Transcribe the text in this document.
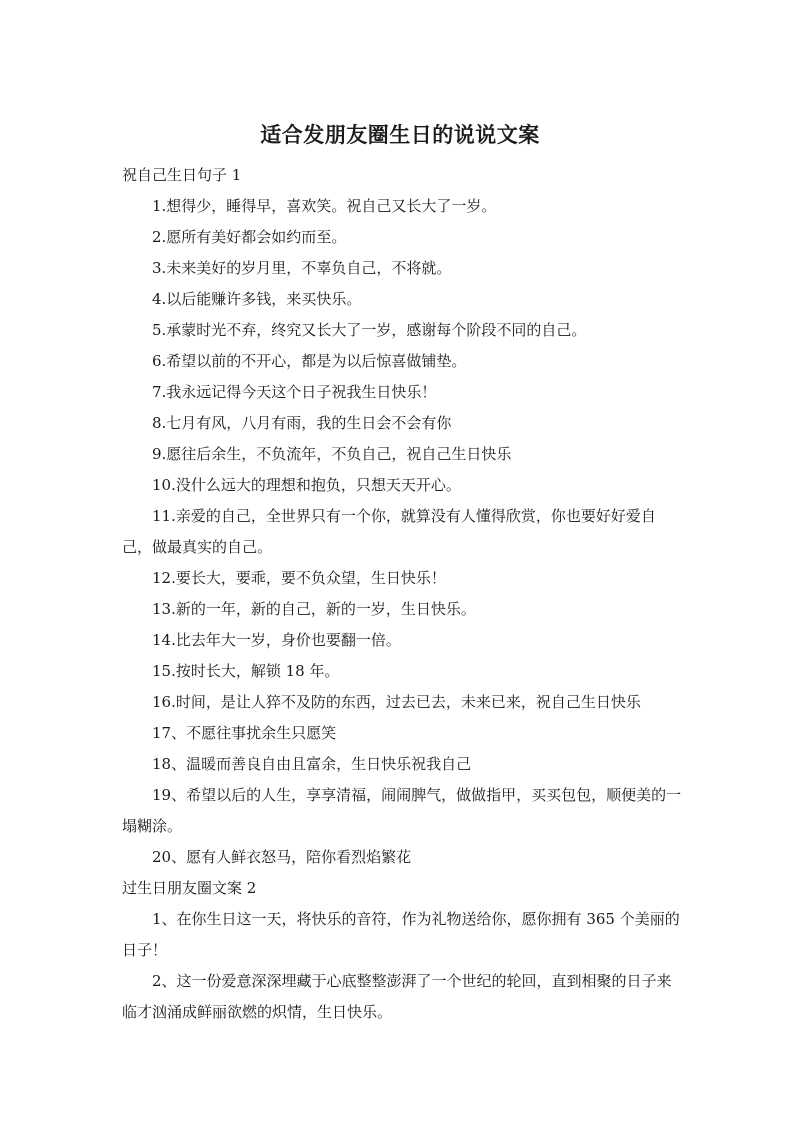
适合发朋友圈生日的说说文案

祝自己生日句子 1

1.想得少，睡得早，喜欢笑。祝自己又长大了一岁。

2.愿所有美好都会如约而至。

3.未来美好的岁月里，不辜负自己，不将就。

4.以后能赚许多钱，来买快乐。

5.承蒙时光不弃，终究又长大了一岁，感谢每个阶段不同的自己。

6.希望以前的不开心，都是为以后惊喜做铺垫。

7.我永远记得今天这个日子祝我生日快乐！

8.七月有风，八月有雨，我的生日会不会有你

9.愿往后余生，不负流年，不负自己，祝自己生日快乐

10.没什么远大的理想和抱负，只想天天开心。

11.亲爱的自己，全世界只有一个你，就算没有人懂得欣赏，你也要好好爱自己，做最真实的自己。

12.要长大，要乖，要不负众望，生日快乐！

13.新的一年，新的自己，新的一岁，生日快乐。

14.比去年大一岁，身价也要翻一倍。

15.按时长大，解锁 18 年。

16.时间，是让人猝不及防的东西，过去已去，未来已来，祝自己生日快乐

17、不愿往事扰余生只愿笑

18、温暖而善良自由且富余，生日快乐祝我自己

19、希望以后的人生，享享清福，闹闹脾气，做做指甲，买买包包，顺便美的一塌糊涂。

20、愿有人鲜衣怒马，陪你看烈焰繁花

过生日朋友圈文案 2

1、在你生日这一天，将快乐的音符，作为礼物送给你，愿你拥有 365 个美丽的日子！

2、这一份爱意深深埋藏于心底整整澎湃了一个世纪的轮回，直到相聚的日子来临才汹涌成鲜丽欲燃的炽情，生日快乐。
